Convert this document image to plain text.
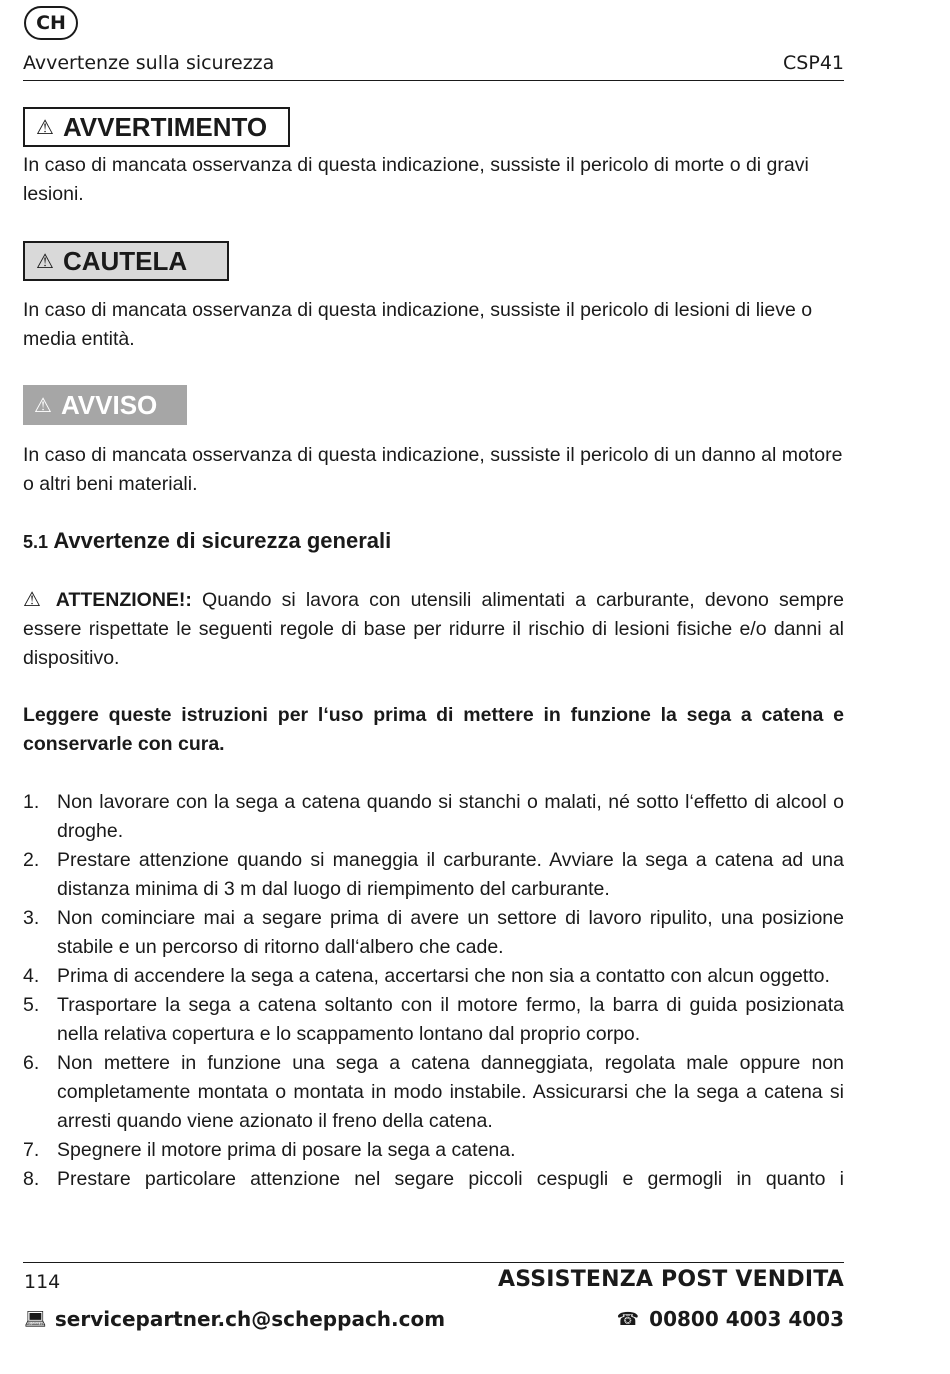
CH
Avvertenze sulla sicurezza	CSP41
⚠ AVVERTIMENTO
In caso di mancata osservanza di questa indicazione, sussiste il pericolo di morte o di gravi lesioni.
⚠ CAUTELA
In caso di mancata osservanza di questa indicazione, sussiste il pericolo di lesioni di lieve o media entità.
⚠ AVVISO
In caso di mancata osservanza di questa indicazione, sussiste il pericolo di un danno al motore o altri beni materiali.
5.1 Avvertenze di sicurezza generali
⚠ ATTENZIONE!: Quando si lavora con utensili alimentati a carburante, devono sempre essere rispettate le seguenti regole di base per ridurre il rischio di lesioni fisiche e/o danni al dispositivo.
Leggere queste istruzioni per l‘uso prima di mettere in funzione la sega a catena e conservarle con cura.
1. Non lavorare con la sega a catena quando si stanchi o malati, né sotto l‘effetto di alcool o droghe.
2. Prestare attenzione quando si maneggia il carburante. Avviare la sega a catena ad una distanza minima di 3 m dal luogo di riempimento del carburante.
3. Non cominciare mai a segare prima di avere un settore di lavoro ripulito, una posizione stabile e un percorso di ritorno dall‘albero che cade.
4. Prima di accendere la sega a catena, accertarsi che non sia a contatto con alcun oggetto.
5. Trasportare la sega a catena soltanto con il motore fermo, la barra di guida posizionata nella relativa copertura e lo scappamento lontano dal proprio corpo.
6. Non mettere in funzione una sega a catena danneggiata, regolata male oppure non completamente montata o montata in modo instabile. Assicurarsi che la sega a catena si arresti quando viene azionato il freno della catena.
7. Spegnere il motore prima di posare la sega a catena.
8. Prestare particolare attenzione nel segare piccoli cespugli e germogli in quanto i
114	ASSISTENZA POST VENDITA
💻︎ servicepartner.ch@scheppach.com	☎ 00800 4003 4003
